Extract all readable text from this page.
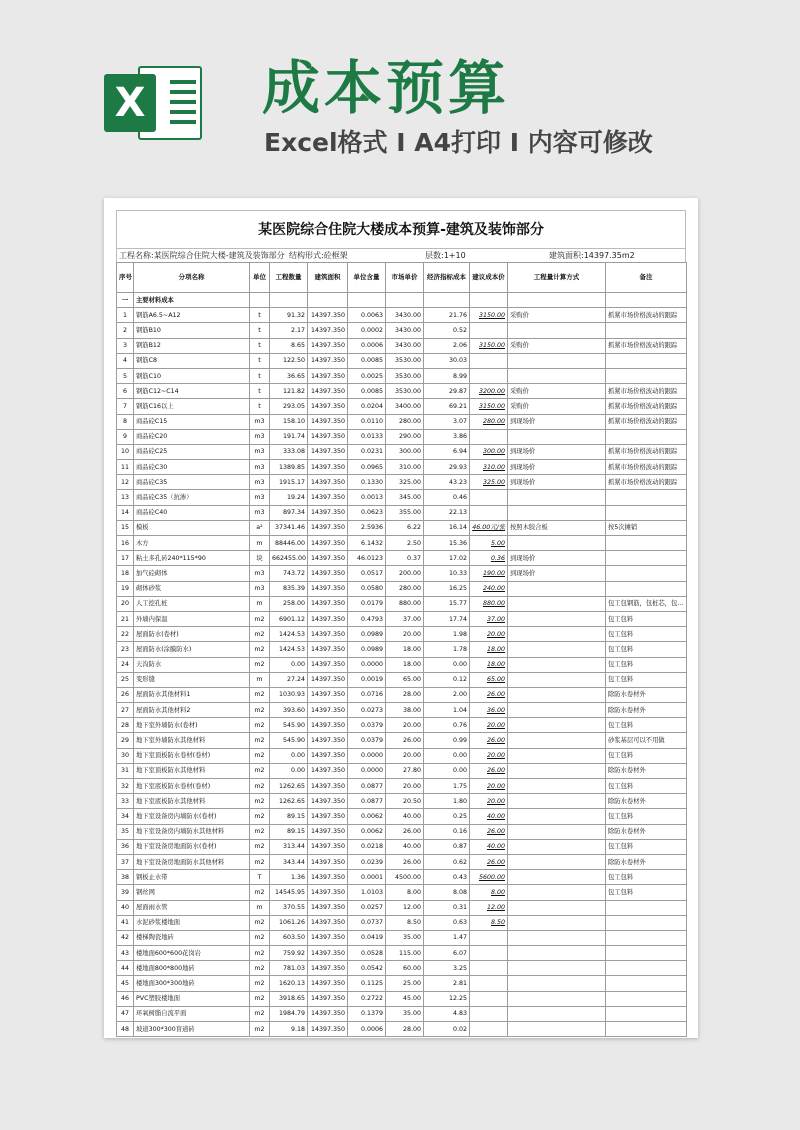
X 成本预算
Excel格式 I A4打印 I 内容可修改
某医院综合住院大楼成本预算-建筑及装饰部分
工程名称:某医院综合住院大楼-建筑及装饰部分 结构形式:砼框架	层数:1+10	建筑面积:14397.35m2
序号	分项名称	单位	工程数量	建筑面积	单位含量	市场单价	经济指标成本	建议成本价	工程量计算方式	备注
一	主要材料成本									
1	钢筋A6.5~A12	t	91.32	14397.350	0.0063	3430.00	21.76	3150.00	采购价	抓紧市场价格波动的跟踪
2	钢筋B10	t	2.17	14397.350	0.0002	3430.00	0.52			
3	钢筋B12	t	8.65	14397.350	0.0006	3430.00	2.06	3150.00	采购价	抓紧市场价格波动的跟踪
4	钢筋C8	t	122.50	14397.350	0.0085	3530.00	30.03			
5	钢筋C10	t	36.65	14397.350	0.0025	3530.00	8.99			
6	钢筋C12~C14	t	121.82	14397.350	0.0085	3530.00	29.87	3200.00	采购价	抓紧市场价格波动的跟踪
7	钢筋C16以上	t	293.05	14397.350	0.0204	3400.00	69.21	3150.00	采购价	抓紧市场价格波动的跟踪
8	商品砼C15	m3	158.10	14397.350	0.0110	280.00	3.07	280.00	到现场价	抓紧市场价格波动的跟踪
9	商品砼C20	m3	191.74	14397.350	0.0133	290.00	3.86			
10	商品砼C25	m3	333.08	14397.350	0.0231	300.00	6.94	300.00	到现场价	抓紧市场价格波动的跟踪
11	商品砼C30	m3	1389.85	14397.350	0.0965	310.00	29.93	310.00	到现场价	抓紧市场价格波动的跟踪
12	商品砼C35	m3	1915.17	14397.350	0.1330	325.00	43.23	325.00	到现场价	抓紧市场价格波动的跟踪
13	商品砼C35（抗渗）	m3	19.24	14397.350	0.0013	345.00	0.46			
14	商品砼C40	m3	897.34	14397.350	0.0623	355.00	22.13			
15	模板	a²	37341.46	14397.350	2.5936	6.22	16.14	46.00元/张	按照木胶合板	按5次摊销
16	木方	m	88446.00	14397.350	6.1432	2.50	15.36	5.00		
17	粘土多孔砖240*115*90	块	662455.00	14397.350	46.0123	0.37	17.02	0.36	到现场价	
18	加气砼砌体	m3	743.72	14397.350	0.0517	200.00	10.33	190.00	到现场价	
19	砌体砂浆	m3	835.39	14397.350	0.0580	280.00	16.25	240.00		
20	人工挖孔桩	m	258.00	14397.350	0.0179	880.00	15.77	880.00		包工包钢筋，包桩芯，包...
21	外墙内保温	m2	6901.12	14397.350	0.4793	37.00	17.74	37.00		包工包料
22	屋面防水(卷材)	m2	1424.53	14397.350	0.0989	20.00	1.98	20.00		包工包料
23	屋面防水(涂膜防水)	m2	1424.53	14397.350	0.0989	18.00	1.78	18.00		包工包料
24	天沟防水	m2	0.00	14397.350	0.0000	18.00	0.00	18.00		包工包料
25	变形缝	m	27.24	14397.350	0.0019	65.00	0.12	65.00		包工包料
26	屋面防水其他材料1	m2	1030.93	14397.350	0.0716	28.00	2.00	26.00		除防水卷材外
27	屋面防水其他材料2	m2	393.60	14397.350	0.0273	38.00	1.04	36.00		除防水卷材外
28	地下室外墙防水(卷材)	m2	545.90	14397.350	0.0379	20.00	0.76	20.00		包工包料
29	地下室外墙防水其他材料	m2	545.90	14397.350	0.0379	26.00	0.99	26.00		砂浆基层可以不用做
30	地下室顶板防水卷材(卷材)	m2	0.00	14397.350	0.0000	20.00	0.00	20.00		包工包料
31	地下室顶板防水其他材料	m2	0.00	14397.350	0.0000	27.80	0.00	26.00		除防水卷材外
32	地下室底板防水卷材(卷材)	m2	1262.65	14397.350	0.0877	20.00	1.75	20.00		包工包料
33	地下室底板防水其他材料	m2	1262.65	14397.350	0.0877	20.50	1.80	20.00		除防水卷材外
34	地下室设备房内墙防水(卷材)	m2	89.15	14397.350	0.0062	40.00	0.25	40.00		包工包料
35	地下室设备房内墙防水其他材料	m2	89.15	14397.350	0.0062	26.00	0.16	26.00		除防水卷材外
36	地下室设备房地面防水(卷材)	m2	313.44	14397.350	0.0218	40.00	0.87	40.00		包工包料
37	地下室设备房地面防水其他材料	m2	343.44	14397.350	0.0239	26.00	0.62	26.00		除防水卷材外
38	钢板止水带	T	1.36	14397.350	0.0001	4500.00	0.43	5600.00		包工包料
39	钢丝网	m2	14545.95	14397.350	1.0103	8.00	8.08	8.00		包工包料
40	屋面雨水管	m	370.55	14397.350	0.0257	12.00	0.31	12.00		
41	水泥砂浆楼地面	m2	1061.26	14397.350	0.0737	8.50	0.63	8.50		
42	楼梯陶瓷地砖	m2	603.50	14397.350	0.0419	35.00	1.47			
43	楼地面600*600花岗岩	m2	759.92	14397.350	0.0528	115.00	6.07			
44	楼地面800*800地砖	m2	781.03	14397.350	0.0542	60.00	3.25			
45	楼地面300*300地砖	m2	1620.13	14397.350	0.1125	25.00	2.81			
46	PVC塑胶楼地面	m2	3918.65	14397.350	0.2722	45.00	12.25			
47	环氧树脂自流平面	m2	1984.79	14397.350	0.1379	35.00	4.83			
48	坡道300*300盲道砖	m2	9.18	14397.350	0.0006	28.00	0.02			
